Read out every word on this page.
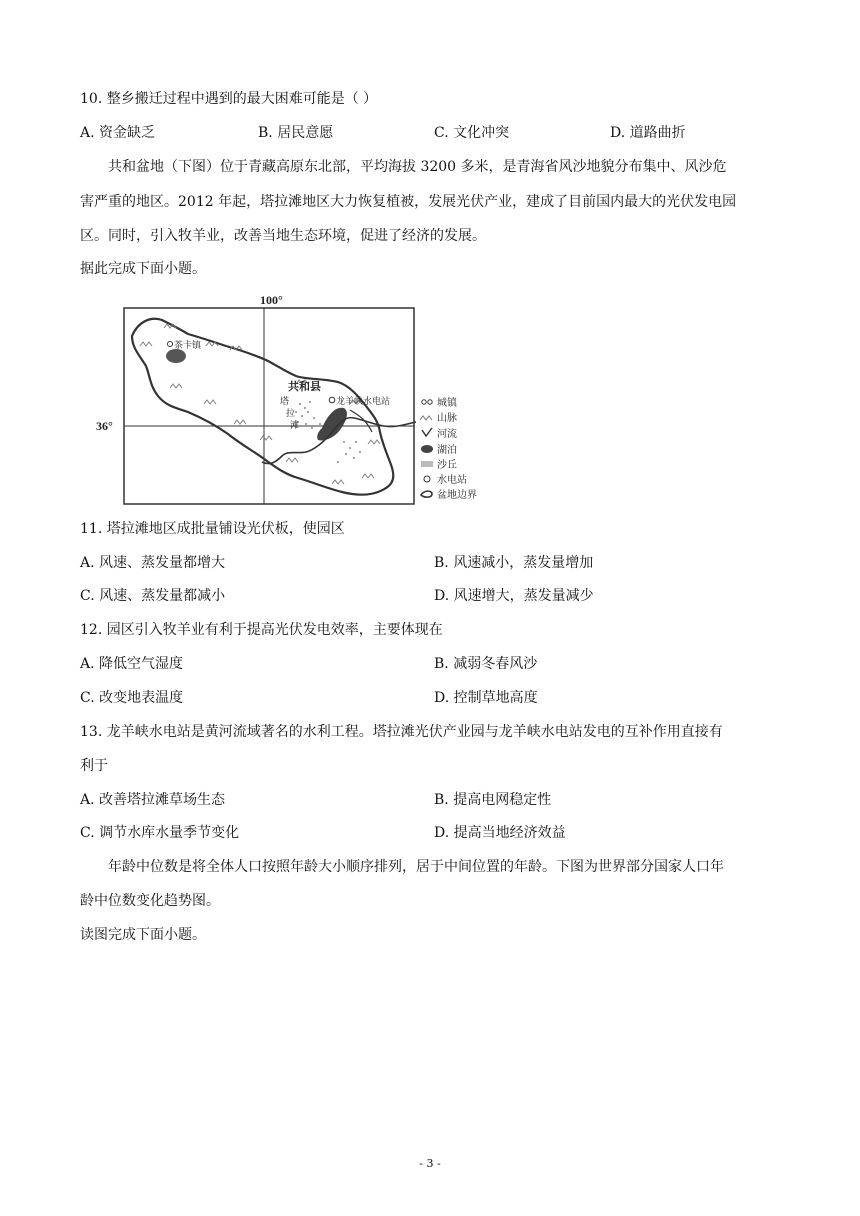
10. 整乡搬迁过程中遇到的最大困难可能是（ ）
A. 资金缺乏	B. 居民意愿	C. 文化冲突	D. 道路曲折
共和盆地（下图）位于青藏高原东北部，平均海拔 3200 多米，是青海省风沙地貌分布集中、风沙危
害严重的地区。2012 年起，塔拉滩地区大力恢复植被，发展光伏产业，建成了目前国内最大的光伏发电园
区。同时，引入牧羊业，改善当地生态环境，促进了经济的发展。
据此完成下面小题。
100°
36°
茶卡镇
共和县
塔
拉
滩
龙羊峡水电站	城镇
山脉
河流
湖泊
沙丘
水电站
盆地边界
11. 塔拉滩地区成批量铺设光伏板，使园区
A. 风速、蒸发量都增大	B. 风速减小，蒸发量增加
C. 风速、蒸发量都减小	D. 风速增大，蒸发量减少
12. 园区引入牧羊业有利于提高光伏发电效率，主要体现在
A. 降低空气湿度	B. 减弱冬春风沙
C. 改变地表温度	D. 控制草地高度
13. 龙羊峡水电站是黄河流域著名的水利工程。塔拉滩光伏产业园与龙羊峡水电站发电的互补作用直接有
利于
A. 改善塔拉滩草场生态	B. 提高电网稳定性
C. 调节水库水量季节变化	D. 提高当地经济效益
年龄中位数是将全体人口按照年龄大小顺序排列，居于中间位置的年龄。下图为世界部分国家人口年
龄中位数变化趋势图。
读图完成下面小题。
- 3 -
